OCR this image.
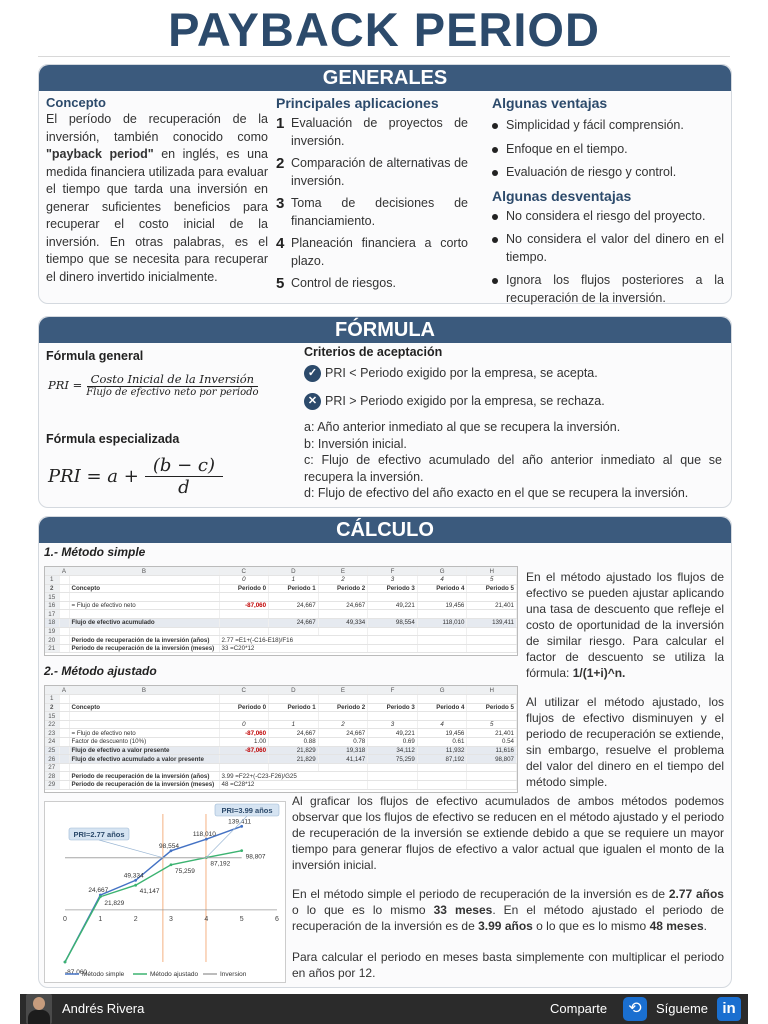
PAYBACK PERIOD
GENERALES
Concepto
El período de recuperación de la inversión, también conocido como "payback period" en inglés, es una medida financiera utilizada para evaluar el tiempo que tarda una inversión en generar suficientes beneficios para recuperar el costo inicial de la inversión. En otras palabras, es el tiempo que se necesita para recuperar el dinero invertido inicialmente.
Principales aplicaciones
1 Evaluación de proyectos de inversión.
2 Comparación de alternativas de inversión.
3 Toma de decisiones de financiamiento.
4 Planeación financiera a corto plazo.
5 Control de riesgos.
Algunas ventajas
Simplicidad y fácil comprensión.
Enfoque en el tiempo.
Evaluación de riesgo y control.
Algunas desventajas
No considera el riesgo del proyecto.
No considera el valor del dinero en el tiempo.
Ignora los flujos posteriores a la recuperación de la inversión.
FÓRMULA
Fórmula general
PRI = $\frac{\text{Costo Inicial de la Inversión}}{\text{Flujo de efectivo neto por periodo}}$
Fórmula especializada
PRI = $a + \frac{(b - c)}{d}$
Criterios de aceptación
✓ PRI < Periodo exigido por la empresa, se acepta.
✕ PRI > Periodo exigido por la empresa, se rechaza.
a: Año anterior inmediato al que se recupera la inversión.
b: Inversión inicial.
c: Flujo de efectivo acumulado del año anterior inmediato al que se recupera la inversión.
d: Flujo de efectivo del año exacto en el que se recupera la inversión.
CÁLCULO
1.- Método simple
	A	B	C	D	E	F	G	H
1			0	1	2	3	4	5
2		Concepto	Periodo 0	Periodo 1	Periodo 2	Periodo 3	Periodo 4	Periodo 5
15								
16		= Flujo de efectivo neto	-87,060	24,667	24,667	49,221	19,456	21,401
17								
18		Flujo de efectivo acumulado		24,667	49,334	98,554	118,010	139,411
19								
20		Periodo de recuperación de la inversión (años)	2.77 =E1+(-C16-E18)/F16					
21		Periodo de recuperación de la inversión (meses)	33 =C20*12					
2.- Método ajustado
	A	B	C	D	E	F	G	H
1								
2		Concepto	Periodo 0	Periodo 1	Periodo 2	Periodo 3	Periodo 4	Periodo 5
15								
22			0	1	2	3	4	5
23		= Flujo de efectivo neto	-87,060	24,667	24,667	49,221	19,456	21,401
24		Factor de descuento (10%)	1.00	0.88	0.78	0.69	0.61	0.54
25		Flujo de efectivo a valor presente	-87,060	21,829	19,318	34,112	11,932	11,616
26		Flujo de efectivo acumulado a valor presente		21,829	41,147	75,259	87,192	98,807
27								
28		Periodo de recuperación de la inversión (años)	3.99 =F22+(-C23-F26)/G25					
29		Periodo de recuperación de la inversión (meses)	48 =C28*12					
En el método ajustado los flujos de efectivo se pueden ajustar aplicando una tasa de descuento que refleje el costo de oportunidad de la inversión de similar riesgo. Para calcular el factor de descuento se utiliza la fórmula: 1/(1+i)^n.
Al utilizar el método ajustado, los flujos de efectivo disminuyen y el periodo de recuperación se extiende, sin embargo, resuelve el problema del valor del dinero en el tiempo del método simple.
0	1	2	3	4	5	6
-87,060
24,667
49,334
98,554
118,010
139,411
21,829
41,147
75,259
87,192
98,807
PRI=2.77 años
PRI=3.99 años
Método simple	Método ajustado	Inversion
Al graficar los flujos de efectivo acumulados de ambos métodos podemos observar que los flujos de efectivo se reducen en el método ajustado y el periodo de recuperación de la inversión se extiende debido a que se requiere un mayor tiempo para generar flujos de efectivo a valor actual que igualen el monto de la inversión inicial.
En el método simple el periodo de recuperación de la inversión es de 2.77 años o lo que es lo mismo 33 meses. En el método ajustado el periodo de recuperación de la inversión es de 3.99 años o lo que es lo mismo 48 meses.
Para calcular el periodo en meses basta simplemente con multiplicar el periodo en años por 12.
Andrés Rivera	Comparte	⟲	Sígueme in
